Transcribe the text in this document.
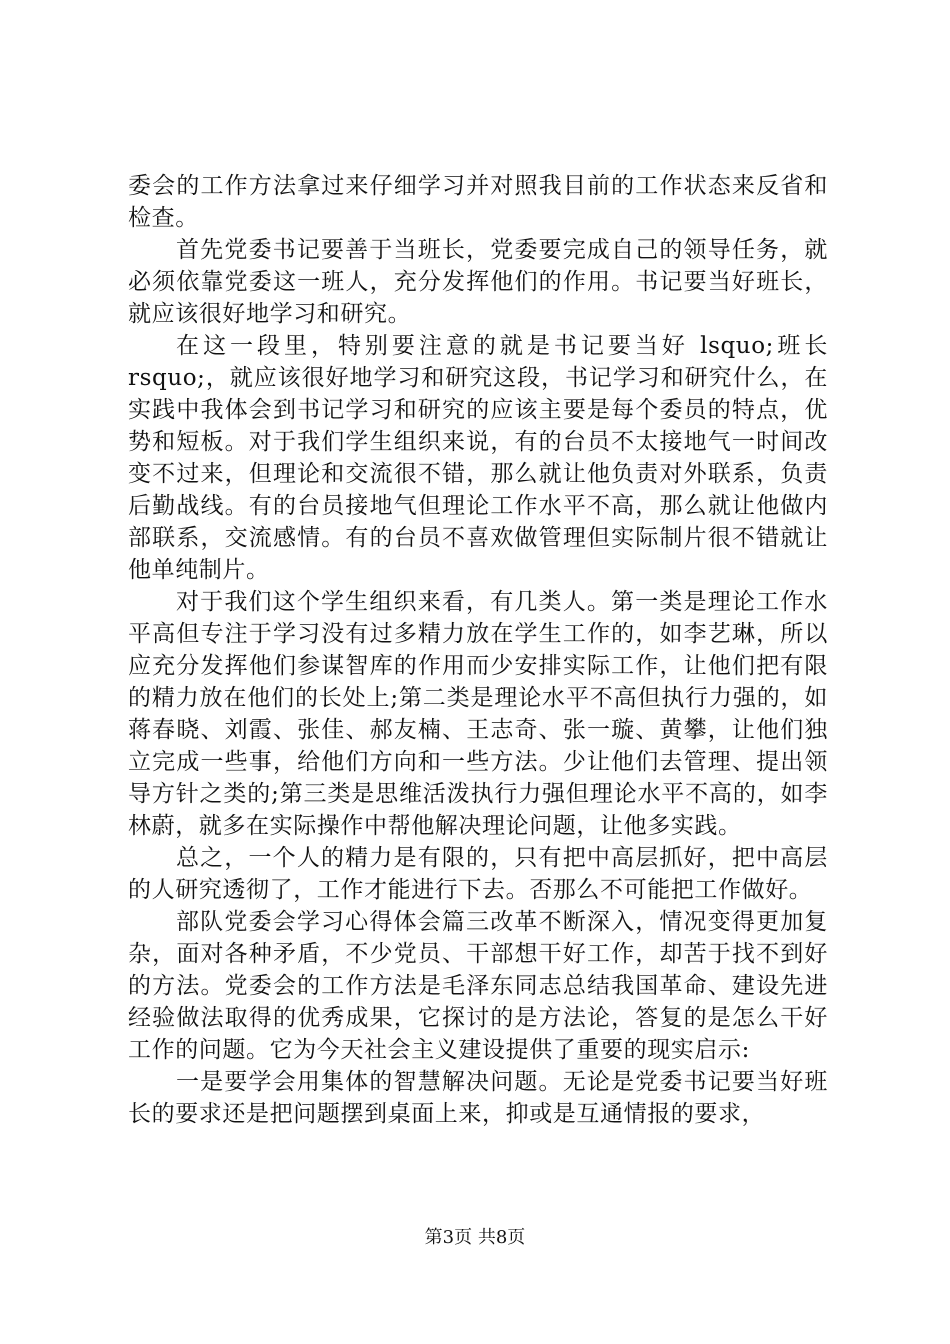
委会的工作方法拿过来仔细学习并对照我目前的工作状态来反省和检查。

首先党委书记要善于当班长，党委要完成自己的领导任务，就必须依靠党委这一班人，充分发挥他们的作用。书记要当好班长，就应该很好地学习和研究。

在这一段里，特别要注意的就是书记要当好 lsquo;班长 rsquo;，就应该很好地学习和研究这段，书记学习和研究什么，在实践中我体会到书记学习和研究的应该主要是每个委员的特点，优势和短板。对于我们学生组织来说，有的台员不太接地气一时间改变不过来，但理论和交流很不错，那么就让他负责对外联系，负责后勤战线。有的台员接地气但理论工作水平不高，那么就让他做内部联系，交流感情。有的台员不喜欢做管理但实际制片很不错就让他单纯制片。

对于我们这个学生组织来看，有几类人。第一类是理论工作水平高但专注于学习没有过多精力放在学生工作的，如李艺琳，所以应充分发挥他们参谋智库的作用而少安排实际工作，让他们把有限的精力放在他们的长处上;第二类是理论水平不高但执行力强的，如蒋春晓、刘霞、张佳、郝友楠、王志奇、张一璇、黄攀，让他们独立完成一些事，给他们方向和一些方法。少让他们去管理、提出领导方针之类的;第三类是思维活泼执行力强但理论水平不高的，如李林蔚，就多在实际操作中帮他解决理论问题，让他多实践。

总之，一个人的精力是有限的，只有把中高层抓好，把中高层的人研究透彻了，工作才能进行下去。否那么不可能把工作做好。

部队党委会学习心得体会篇三改革不断深入，情况变得更加复杂，面对各种矛盾，不少党员、干部想干好工作，却苦于找不到好的方法。党委会的工作方法是毛泽东同志总结我国革命、建设先进经验做法取得的优秀成果，它探讨的是方法论，答复的是怎么干好工作的问题。它为今天社会主义建设提供了重要的现实启示:

一是要学会用集体的智慧解决问题。无论是党委书记要当好班长的要求还是把问题摆到桌面上来，抑或是互通情报的要求，

第3页 共8页
